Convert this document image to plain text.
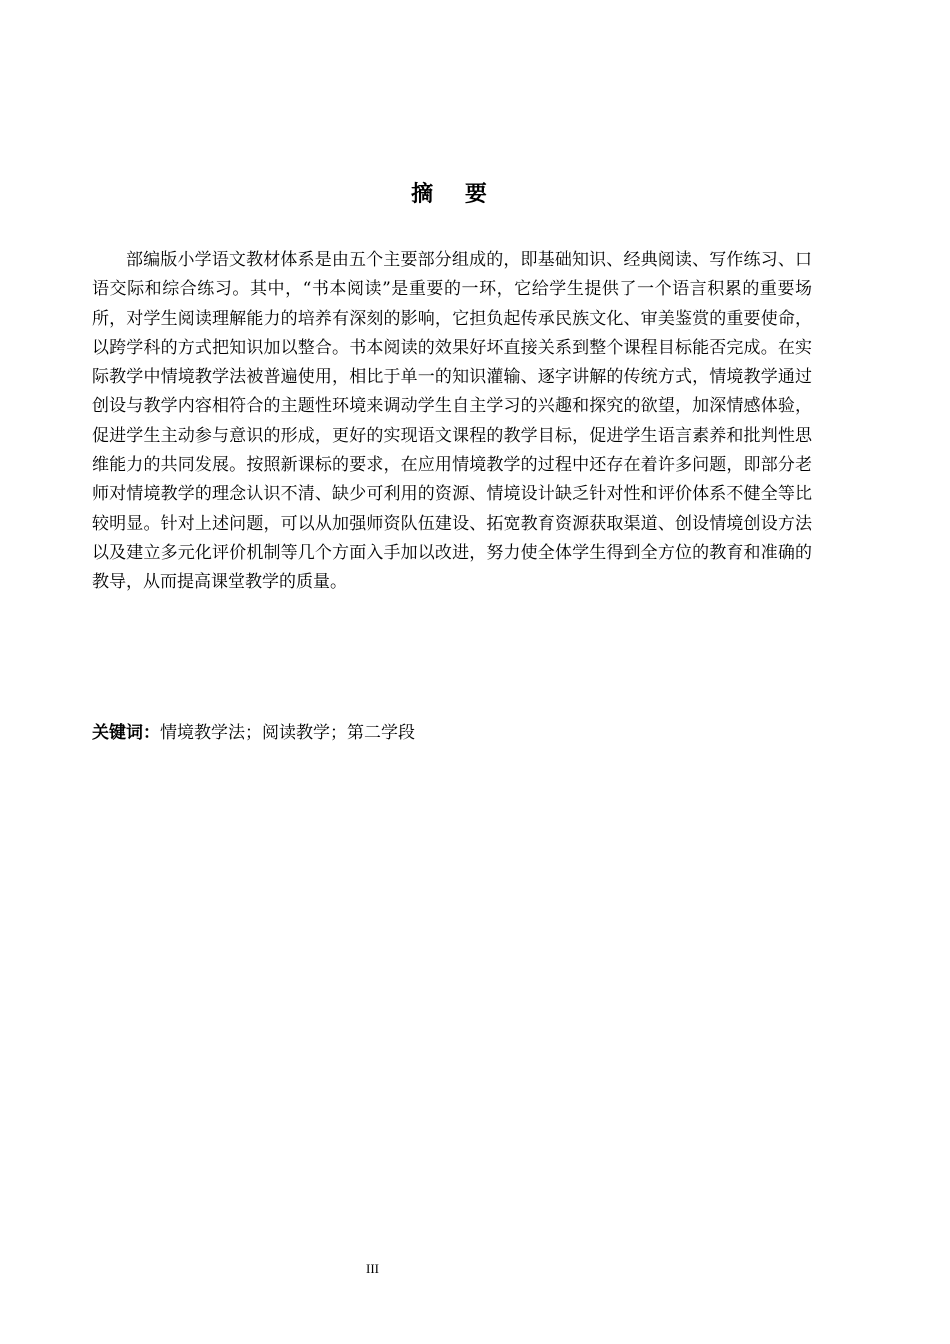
摘 要

部编版小学语文教材体系是由五个主要部分组成的，即基础知识、经典阅读、写作练习、口语交际和综合练习。其中，“书本阅读”是重要的一环，它给学生提供了一个语言积累的重要场所，对学生阅读理解能力的培养有深刻的影响，它担负起传承民族文化、审美鉴赏的重要使命，以跨学科的方式把知识加以整合。书本阅读的效果好坏直接关系到整个课程目标能否完成。在实际教学中情境教学法被普遍使用，相比于单一的知识灌输、逐字讲解的传统方式，情境教学通过创设与教学内容相符合的主题性环境来调动学生自主学习的兴趣和探究的欲望，加深情感体验，促进学生主动参与意识的形成，更好的实现语文课程的教学目标，促进学生语言素养和批判性思维能力的共同发展。按照新课标的要求，在应用情境教学的过程中还存在着许多问题，即部分老师对情境教学的理念认识不清、缺少可利用的资源、情境设计缺乏针对性和评价体系不健全等比较明显。针对上述问题，可以从加强师资队伍建设、拓宽教育资源获取渠道、创设情境创设方法以及建立多元化评价机制等几个方面入手加以改进，努力使全体学生得到全方位的教育和准确的教导，从而提高课堂教学的质量。

关键词：情境教学法；阅读教学；第二学段
III
